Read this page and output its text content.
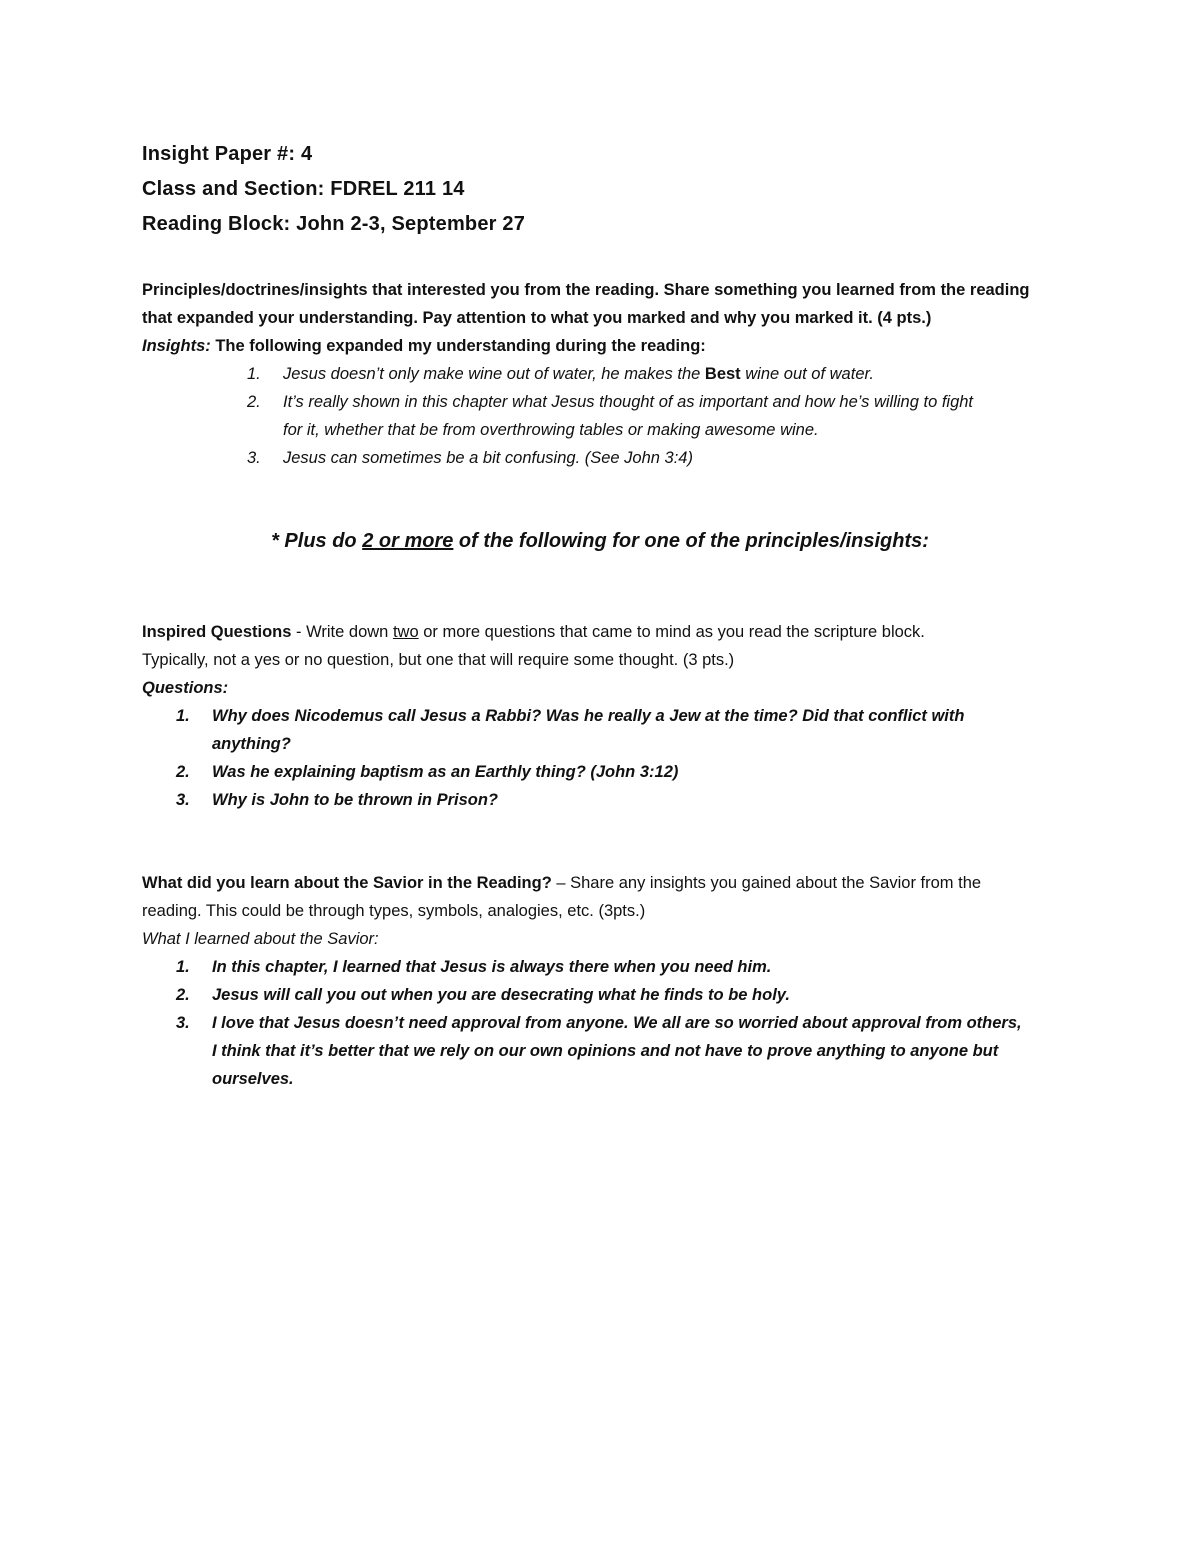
Insight Paper #: 4
Class and Section: FDREL 211 14
Reading Block: John 2-3, September 27
Principles/doctrines/insights that interested you from the reading. Share something you learned from the reading
that expanded your understanding. Pay attention to what you marked and why you marked it. (4 pts.)
Insights: The following expanded my understanding during the reading:
1. Jesus doesn’t only make wine out of water, he makes the Best wine out of water.
2. It’s really shown in this chapter what Jesus thought of as important and how he’s willing to fight
for it, whether that be from overthrowing tables or making awesome wine.
3. Jesus can sometimes be a bit confusing. (See John 3:4)
* Plus do 2 or more of the following for one of the principles/insights:
Inspired Questions - Write down two or more questions that came to mind as you read the scripture block.
Typically, not a yes or no question, but one that will require some thought. (3 pts.)
Questions:
1. Why does Nicodemus call Jesus a Rabbi? Was he really a Jew at the time? Did that conflict with
anything?
2. Was he explaining baptism as an Earthly thing? (John 3:12)
3. Why is John to be thrown in Prison?
What did you learn about the Savior in the Reading? – Share any insights you gained about the Savior from the
reading. This could be through types, symbols, analogies, etc. (3pts.)
What I learned about the Savior:
1. In this chapter, I learned that Jesus is always there when you need him.
2. Jesus will call you out when you are desecrating what he finds to be holy.
3. I love that Jesus doesn’t need approval from anyone. We all are so worried about approval from others,
I think that it’s better that we rely on our own opinions and not have to prove anything to anyone but
ourselves.
